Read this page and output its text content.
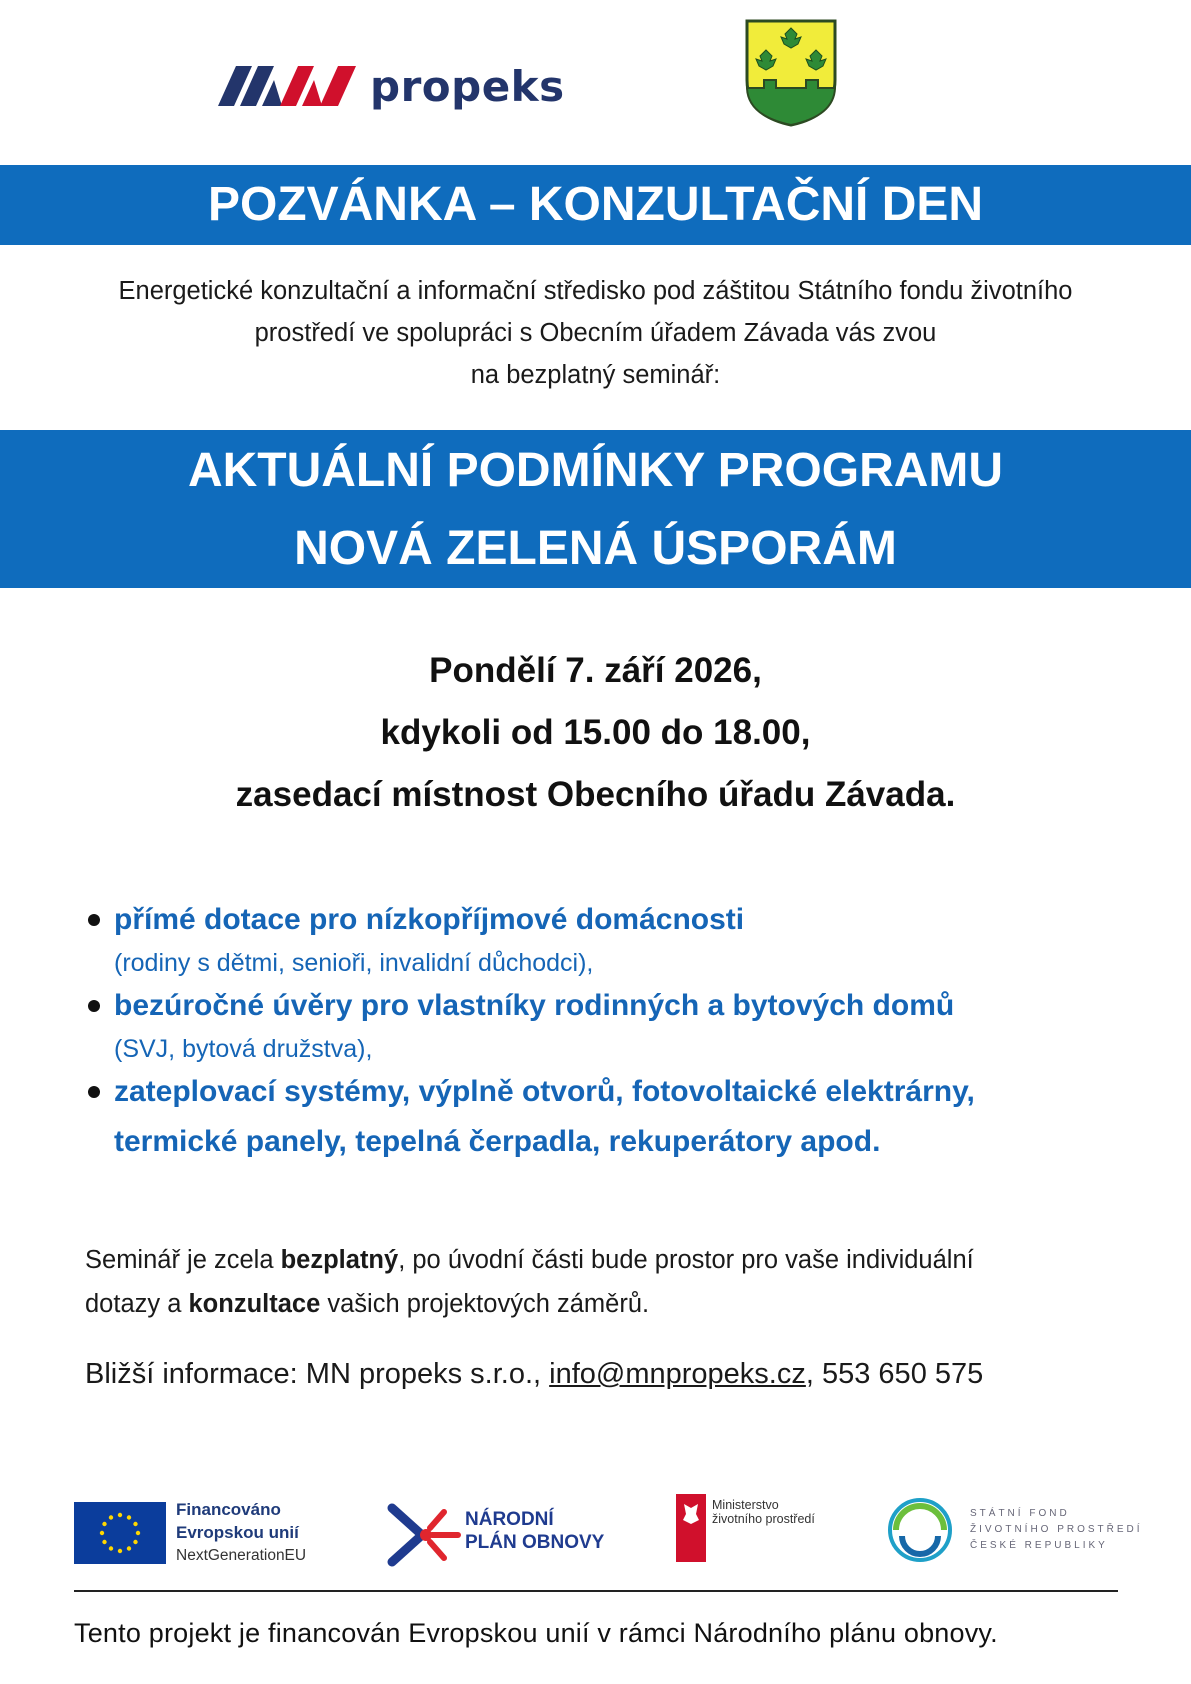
propeks
POZVÁNKA – KONZULTAČNÍ DEN
Energetické konzultační a informační středisko pod záštitou Státního fondu životního
prostředí ve spolupráci s Obecním úřadem Závada vás zvou
na bezplatný seminář:
AKTUÁLNÍ PODMÍNKY PROGRAMU
NOVÁ ZELENÁ ÚSPORÁM
Pondělí 7. září 2026,
kdykoli od 15.00 do 18.00,
zasedací místnost Obecního úřadu Závada.
přímé dotace pro nízkopříjmové domácnosti
(rodiny s dětmi, senioři, invalidní důchodci),
bezúročné úvěry pro vlastníky rodinných a bytových domů
(SVJ, bytová družstva),
zateplovací systémy, výplně otvorů, fotovoltaické elektrárny,
termické panely, tepelná čerpadla, rekuperátory apod.
Seminář je zcela bezplatný, po úvodní části bude prostor pro vaše individuální
dotazy a konzultace vašich projektových záměrů.
Bližší informace: MN propeks s.r.o., info@mnpropeks.cz, 553 650 575
Financováno
Evropskou unií
NextGenerationEU
NÁRODNÍ
PLÁN OBNOVY
Ministerstvo
životního prostředí	STÁTNÍ FOND
ŽIVOTNÍHO PROSTŘEDÍ
ČESKÉ REPUBLIKY
Tento projekt je financován Evropskou unií v rámci Národního plánu obnovy.
